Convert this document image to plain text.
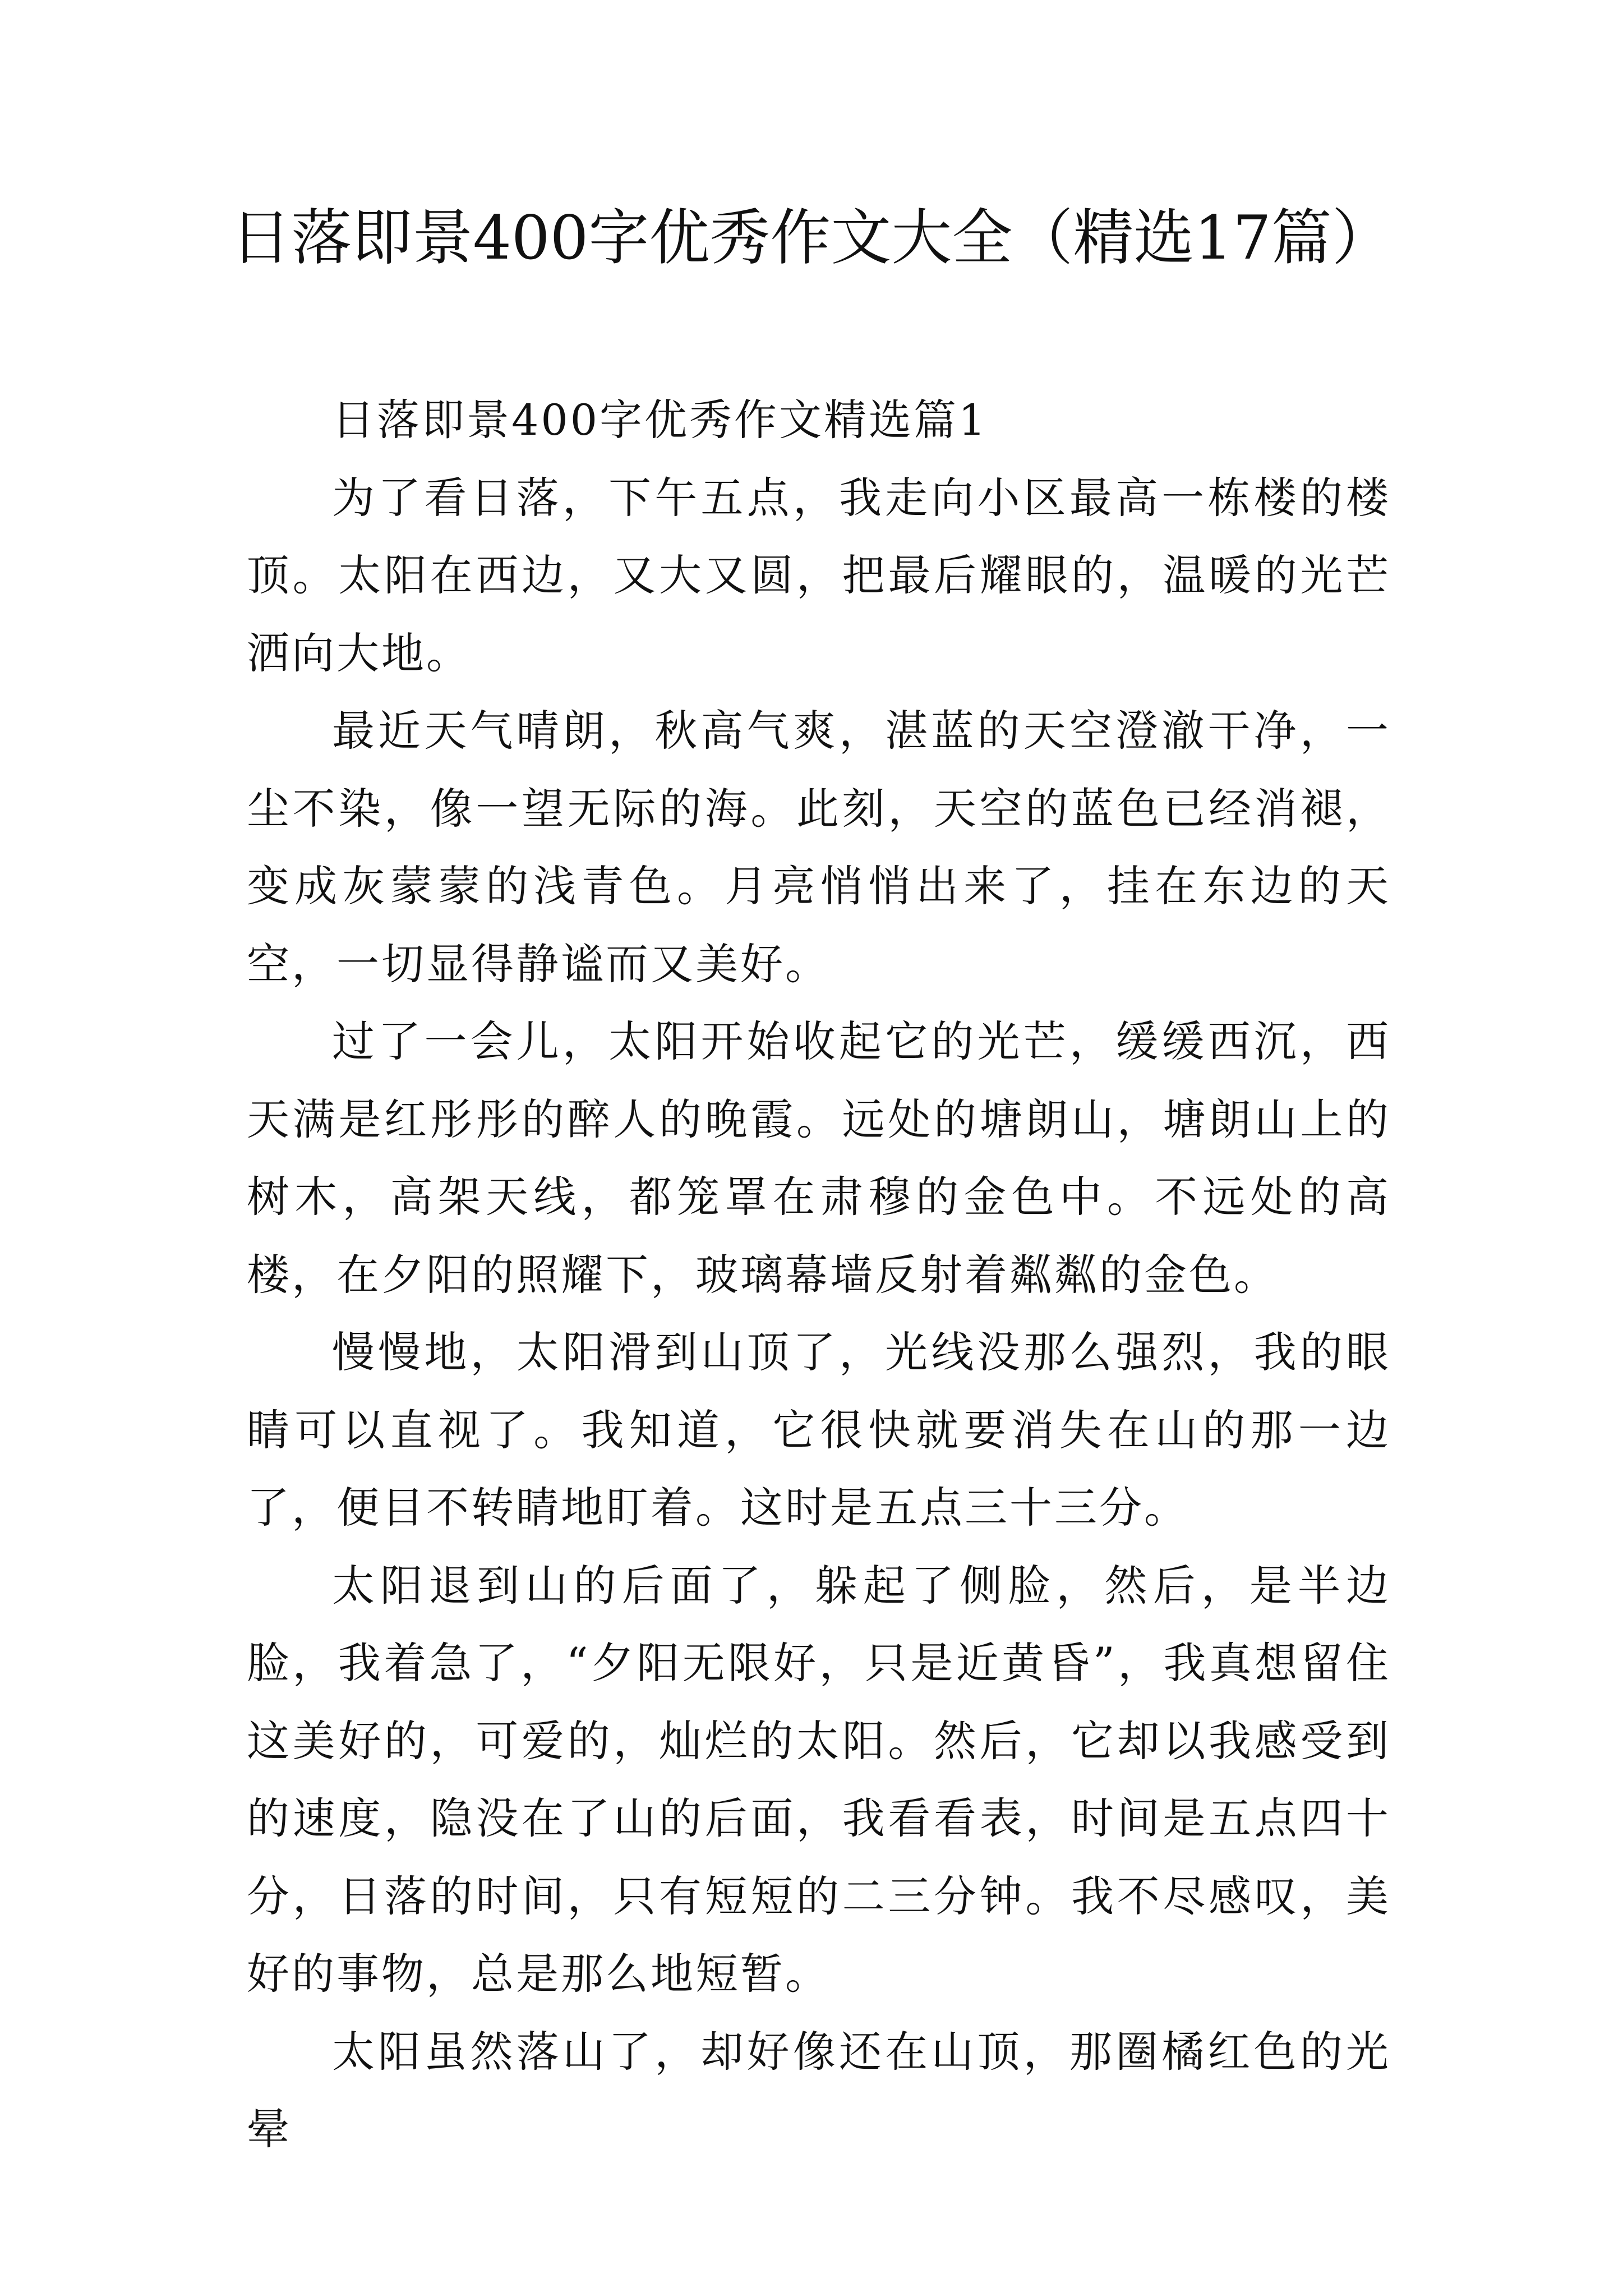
日落即景400字优秀作文大全（精选17篇）

日落即景400字优秀作文精选篇1

为了看日落，下午五点，我走向小区最高一栋楼的楼顶。太阳在西边，又大又圆，把最后耀眼的，温暖的光芒洒向大地。

最近天气晴朗，秋高气爽，湛蓝的天空澄澈干净，一尘不染，像一望无际的海。此刻，天空的蓝色已经消褪，变成灰蒙蒙的浅青色。月亮悄悄出来了，挂在东边的天空，一切显得静谧而又美好。

过了一会儿，太阳开始收起它的光芒，缓缓西沉，西天满是红彤彤的醉人的晚霞。远处的塘朗山，塘朗山上的树木，高架天线，都笼罩在肃穆的金色中。不远处的高楼，在夕阳的照耀下，玻璃幕墙反射着粼粼的金色。

慢慢地，太阳滑到山顶了，光线没那么强烈，我的眼睛可以直视了。我知道，它很快就要消失在山的那一边了，便目不转睛地盯着。这时是五点三十三分。

太阳退到山的后面了，躲起了侧脸，然后，是半边脸，我着急了，“夕阳无限好，只是近黄昏”，我真想留住这美好的，可爱的，灿烂的太阳。然后，它却以我感受到的速度，隐没在了山的后面，我看看表，时间是五点四十分，日落的时间，只有短短的二三分钟。我不尽感叹，美好的事物，总是那么地短暂。

太阳虽然落山了，却好像还在山顶，那圈橘红色的光晕
